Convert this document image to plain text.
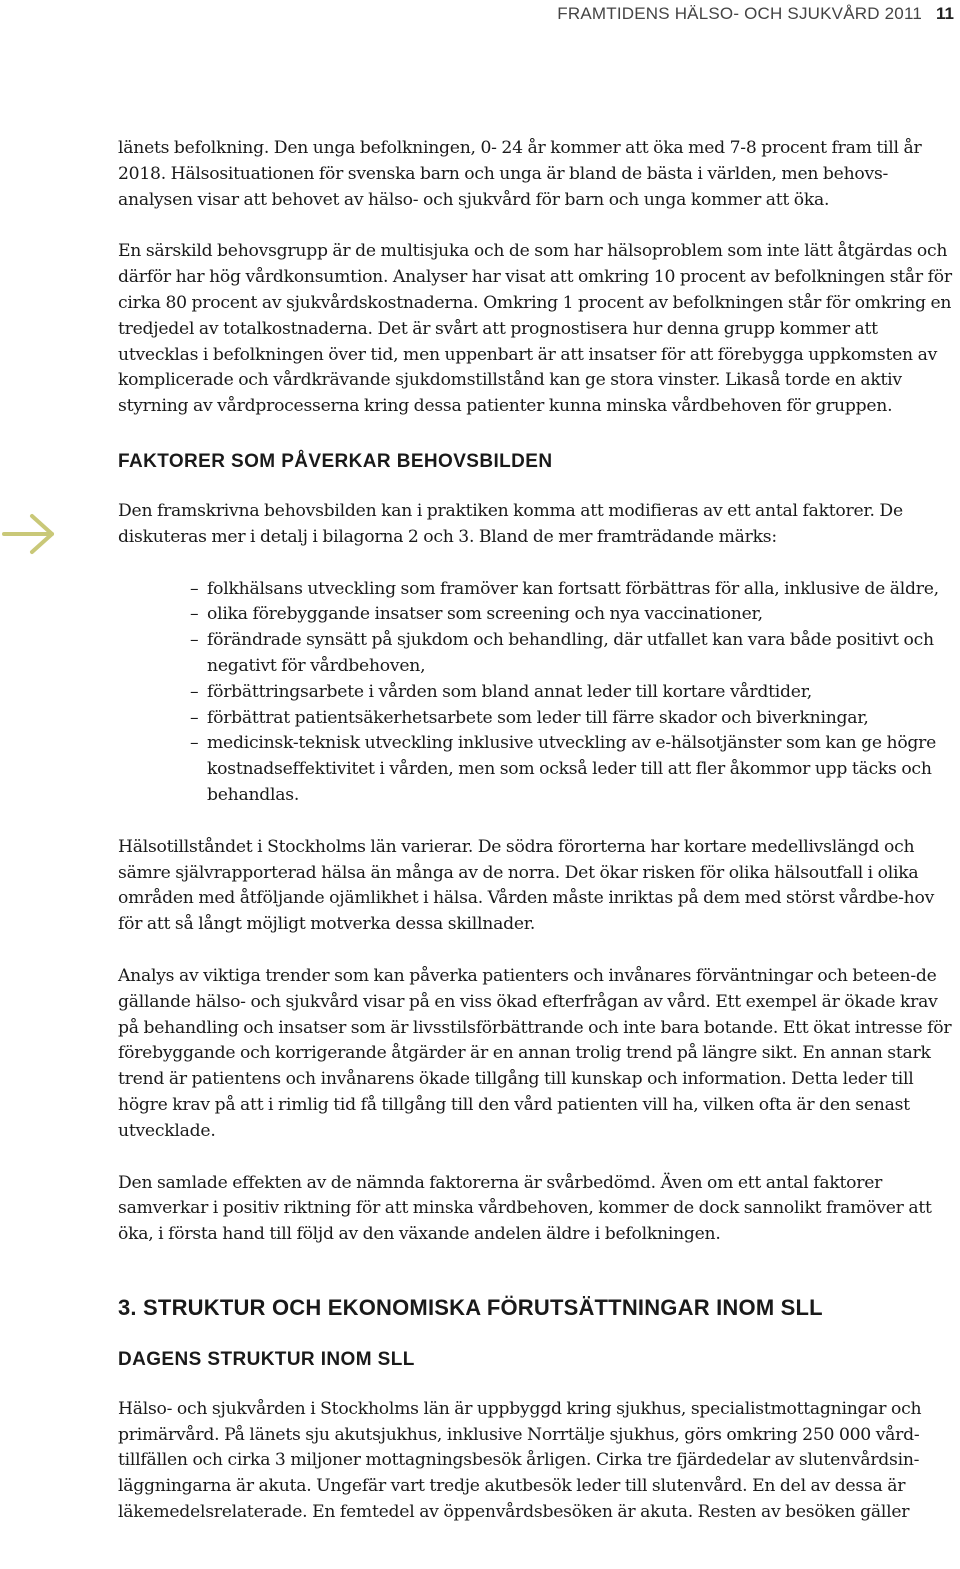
FRAMTIDENS HÄLSO- OCH SJUKVÅRD 2011 11

länets befolkning. Den unga befolkningen, 0- 24 år kommer att öka med 7-8 procent fram till år 2018. Hälsosituationen för svenska barn och unga är bland de bästa i världen, men behovs-analysen visar att behovet av hälso- och sjukvård för barn och unga kommer att öka.

En särskild behovsgrupp är de multisjuka och de som har hälsoproblem som inte lätt åtgärdas och därför har hög vårdkonsumtion. Analyser har visat att omkring 10 procent av befolkningen står för cirka 80 procent av sjukvårdskostnaderna. Omkring 1 procent av befolkningen står för omkring en tredjedel av totalkostnaderna. Det är svårt att prognostisera hur denna grupp kommer att utvecklas i befolkningen över tid, men uppenbart är att insatser för att förebygga uppkomsten av komplicerade och vårdkrävande sjukdomstillstånd kan ge stora vinster. Likaså torde en aktiv styrning av vårdprocesserna kring dessa patienter kunna minska vårdbehoven för gruppen.

FAKTORER SOM PÅVERKAR BEHOVSBILDEN

Den framskrivna behovsbilden kan i praktiken komma att modifieras av ett antal faktorer. De diskuteras mer i detalj i bilagorna 2 och 3. Bland de mer framträdande märks:

– folkhälsans utveckling som framöver kan fortsatt förbättras för alla, inklusive de äldre,
– olika förebyggande insatser som screening och nya vaccinationer,
– förändrade synsätt på sjukdom och behandling, där utfallet kan vara både positivt och negativt för vårdbehoven,
– förbättringsarbete i vården som bland annat leder till kortare vårdtider,
– förbättrat patientsäkerhetsarbete som leder till färre skador och biverkningar,
– medicinsk-teknisk utveckling inklusive utveckling av e-hälsotjänster som kan ge högre kostnadseffektivitet i vården, men som också leder till att fler åkommor upp täcks och behandlas.

Hälsotillståndet i Stockholms län varierar. De södra förorterna har kortare medellivslängd och sämre självrapporterad hälsa än många av de norra. Det ökar risken för olika hälsoutfall i olika områden med åtföljande ojämlikhet i hälsa. Vården måste inriktas på dem med störst vårdbe-hov för att så långt möjligt motverka dessa skillnader.

Analys av viktiga trender som kan påverka patienters och invånares förväntningar och beteen-de gällande hälso- och sjukvård visar på en viss ökad efterfrågan av vård. Ett exempel är ökade krav på behandling och insatser som är livsstilsförbättrande och inte bara botande. Ett ökat intresse för förebyggande och korrigerande åtgärder är en annan trolig trend på längre sikt. En annan stark trend är patientens och invånarens ökade tillgång till kunskap och information. Detta leder till högre krav på att i rimlig tid få tillgång till den vård patienten vill ha, vilken ofta är den senast utvecklade.

Den samlade effekten av de nämnda faktorerna är svårbedömd. Även om ett antal faktorer samverkar i positiv riktning för att minska vårdbehoven, kommer de dock sannolikt framöver att öka, i första hand till följd av den växande andelen äldre i befolkningen.

3. STRUKTUR OCH EKONOMISKA FÖRUTSÄTTNINGAR INOM SLL
DAGENS STRUKTUR INOM SLL

Hälso- och sjukvården i Stockholms län är uppbyggd kring sjukhus, specialistmottagningar och primärvård. På länets sju akutsjukhus, inklusive Norrtälje sjukhus, görs omkring 250 000 vård-tillfällen och cirka 3 miljoner mottagningsbesök årligen. Cirka tre fjärdedelar av slutenvårdsin-läggningarna är akuta. Ungefär vart tredje akutbesök leder till slutenvård. En del av dessa är läkemedelsrelaterade. En femtedel av öppenvårdsbesöken är akuta. Resten av besöken gäller
